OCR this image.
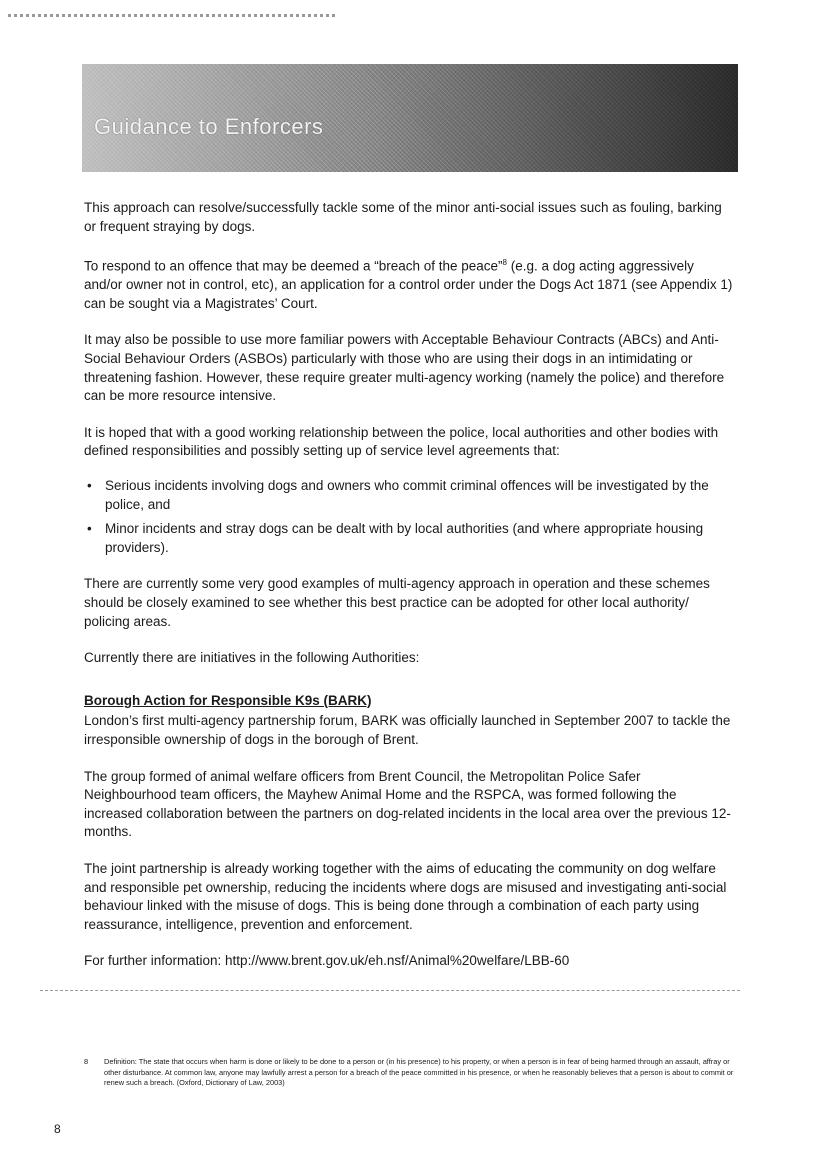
Guidance to Enforcers

This approach can resolve/successfully tackle some of the minor anti-social issues such as fouling, barking or frequent straying by dogs.

To respond to an offence that may be deemed a “breach of the peace”$^8$ (e.g. a dog acting aggressively and/or owner not in control, etc), an application for a control order under the Dogs Act 1871 (see Appendix 1) can be sought via a Magistrates’ Court.

It may also be possible to use more familiar powers with Acceptable Behaviour Contracts (ABCs) and Anti-Social Behaviour Orders (ASBOs) particularly with those who are using their dogs in an intimidating or threatening fashion. However, these require greater multi-agency working (namely the police) and therefore can be more resource intensive.

It is hoped that with a good working relationship between the police, local authorities and other bodies with defined responsibilities and possibly setting up of service level agreements that:

• Serious incidents involving dogs and owners who commit criminal offences will be investigated by the police, and
• Minor incidents and stray dogs can be dealt with by local authorities (and where appropriate housing providers).

There are currently some very good examples of multi-agency approach in operation and these schemes should be closely examined to see whether this best practice can be adopted for other local authority/ policing areas.

Currently there are initiatives in the following Authorities:

Borough Action for Responsible K9s (BARK)

London’s first multi-agency partnership forum, BARK was officially launched in September 2007 to tackle the irresponsible ownership of dogs in the borough of Brent.

The group formed of animal welfare officers from Brent Council, the Metropolitan Police Safer Neighbourhood team officers, the Mayhew Animal Home and the RSPCA, was formed following the increased collaboration between the partners on dog-related incidents in the local area over the previous 12-months.

The joint partnership is already working together with the aims of educating the community on dog welfare and responsible pet ownership, reducing the incidents where dogs are misused and investigating anti-social behaviour linked with the misuse of dogs. This is being done through a combination of each party using reassurance, intelligence, prevention and enforcement.

For further information: http://www.brent.gov.uk/eh.nsf/Animal%20welfare/LBB-60

8 Definition: The state that occurs when harm is done or likely to be done to a person or (in his presence) to his property, or when a person is in fear of being harmed through an assault, affray or other disturbance. At common law, anyone may lawfully arrest a person for a breach of the peace committed in his presence, or when he reasonably believes that a person is about to commit or renew such a breach. (Oxford, Dictionary of Law, 2003)
8
